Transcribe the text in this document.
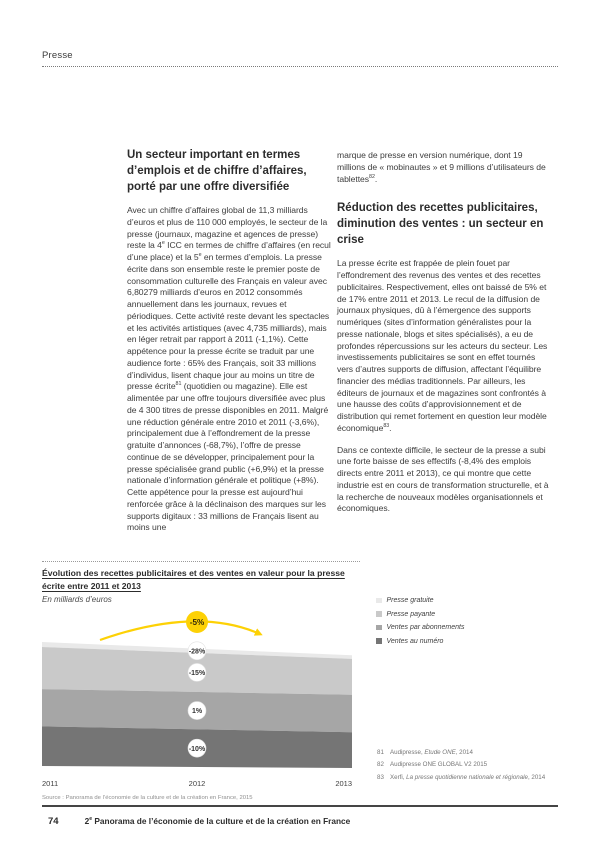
Presse
Un secteur important en termes d’emplois et de chiffre d’affaires, porté par une offre diversifiée

Avec un chiffre d’affaires global de 11,3 milliards d’euros et plus de 110 000 employés, le secteur de la presse (journaux, magazine et agences de presse) reste la 4e ICC en termes de chiffre d’affaires (en recul d’une place) et la 5e en termes d’emplois. La presse écrite dans son ensemble reste le premier poste de consommation culturelle des Français en valeur avec 6,80279 milliards d’euros en 2012 consommés annuellement dans les journaux, revues et périodiques. Cette activité reste devant les spectacles et les activités artistiques (avec 4,735 milliards), mais en léger retrait par rapport à 2011 (-1,1%). Cette appétence pour la presse écrite se traduit par une audience forte : 65% des Français, soit 33 millions d’individus, lisent chaque jour au moins un titre de presse écrite$^{81}$ (quotidien ou magazine). Elle est alimentée par une offre toujours diversifiée avec plus de 4 300 titres de presse disponibles en 2011. Malgré une réduction générale entre 2010 et 2011 (-3,6%), principalement due à l’effondrement de la presse gratuite d’annonces (-68,7%), l’offre de presse continue de se développer, principalement pour la presse spécialisée grand public (+6,9%) et la presse nationale d’information générale et politique (+8%). Cette appétence pour la presse est aujourd’hui renforcée grâce à la déclinaison des marques sur les supports digitaux : 33 millions de Français lisent au moins une

marque de presse en version numérique, dont 19 millions de « mobinautes » et 9 millions d’utilisateurs de tablettes$^{82}$.

Réduction des recettes publicitaires, diminution des ventes : un secteur en crise

La presse écrite est frappée de plein fouet par l’effondrement des revenus des ventes et des recettes publicitaires. Respectivement, elles ont baissé de 5% et de 17% entre 2011 et 2013. Le recul de la diffusion de journaux physiques, dû à l’émergence des supports numériques (sites d’information généralistes pour la presse nationale, blogs et sites spécialisés), a eu de profondes répercussions sur les acteurs du secteur. Les investissements publicitaires se sont en effet tournés vers d’autres supports de diffusion, affectant l’équilibre financier des médias traditionnels. Par ailleurs, les éditeurs de journaux et de magazines sont confrontés à une hausse des coûts d’approvisionnement et de distribution qui remet fortement en question leur modèle économique$^{83}$.

Dans ce contexte difficile, le secteur de la presse a subi une forte baisse de ses effectifs (-8,4% des emplois directs entre 2011 et 2013), ce qui montre que cette industrie est en cours de transformation structurelle, et à la recherche de nouveaux modèles organisationnels et économiques.

Évolution des recettes publicitaires et des ventes en valeur pour la presse écrite entre 2011 et 2013

En milliards d’euros

-5%
-28%
-15%
1%
-10%
2011	2012	2013

Source : Panorama de l’économie de la culture et de la création en France, 2015

Presse gratuite
Presse payante
Ventes par abonnements
Ventes au numéro
81 Audipresse, Etude ONE, 2014
82 Audipresse ONE GLOBAL V2 2015
83 Xerfi, La presse quotidienne nationale et régionale, 2014
74	2e Panorama de l’économie de la culture et de la création en France
